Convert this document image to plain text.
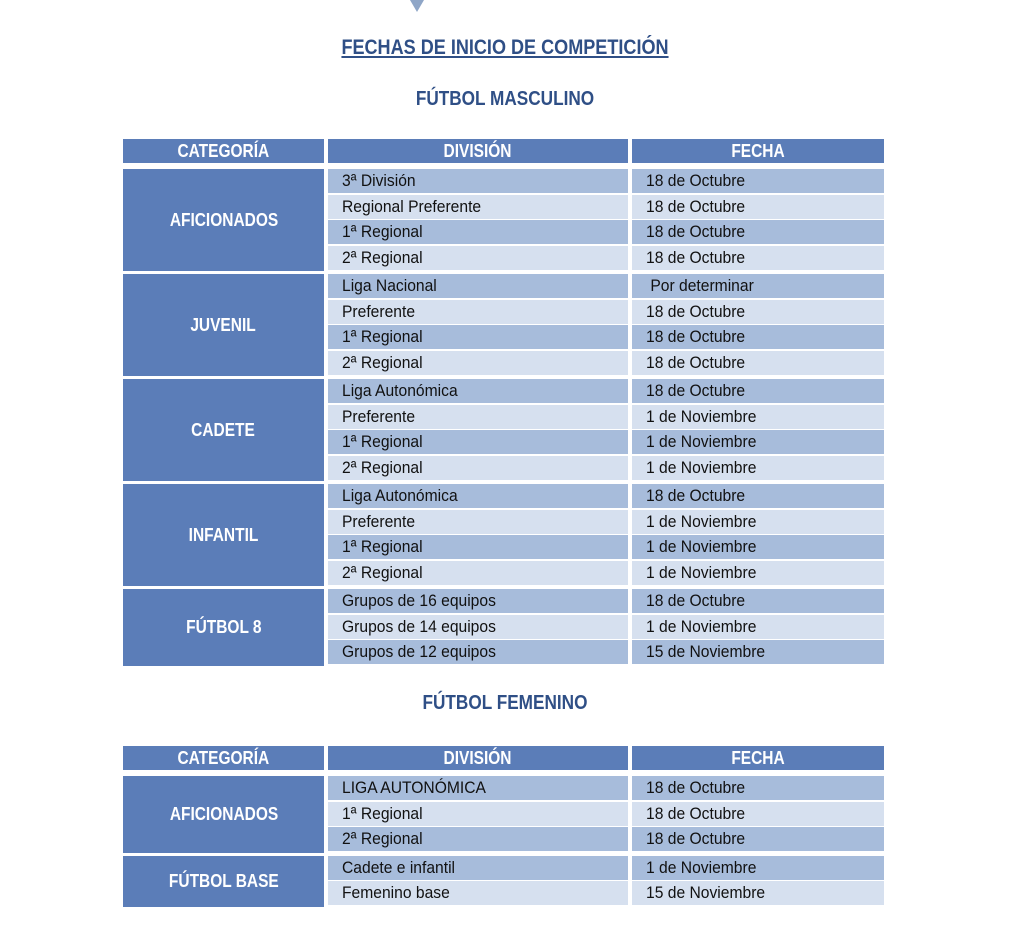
FECHAS DE INICIO DE COMPETICIÓN
FÚTBOL MASCULINO
CATEGORÍA	DIVISIÓN	FECHA
AFICIONADOS
3ª División	18 de Octubre
Regional Preferente	18 de Octubre
1ª Regional	18 de Octubre
2ª Regional	18 de Octubre
JUVENIL
Liga Nacional	Por determinar
Preferente	18 de Octubre
1ª Regional	18 de Octubre
2ª Regional	18 de Octubre
CADETE
Liga Autonómica	18 de Octubre
Preferente	1 de Noviembre
1ª Regional	1 de Noviembre
2ª Regional	1 de Noviembre
INFANTIL
Liga Autonómica	18 de Octubre
Preferente	1 de Noviembre
1ª Regional	1 de Noviembre
2ª Regional	1 de Noviembre
FÚTBOL 8
Grupos de 16 equipos	18 de Octubre
Grupos de 14 equipos	1 de Noviembre
Grupos de 12 equipos	15 de Noviembre
FÚTBOL FEMENINO
CATEGORÍA	DIVISIÓN	FECHA
AFICIONADOS
LIGA AUTONÓMICA	18 de Octubre
1ª Regional	18 de Octubre
2ª Regional	18 de Octubre
FÚTBOL BASE
Cadete e infantil	1 de Noviembre
Femenino base	15 de Noviembre
